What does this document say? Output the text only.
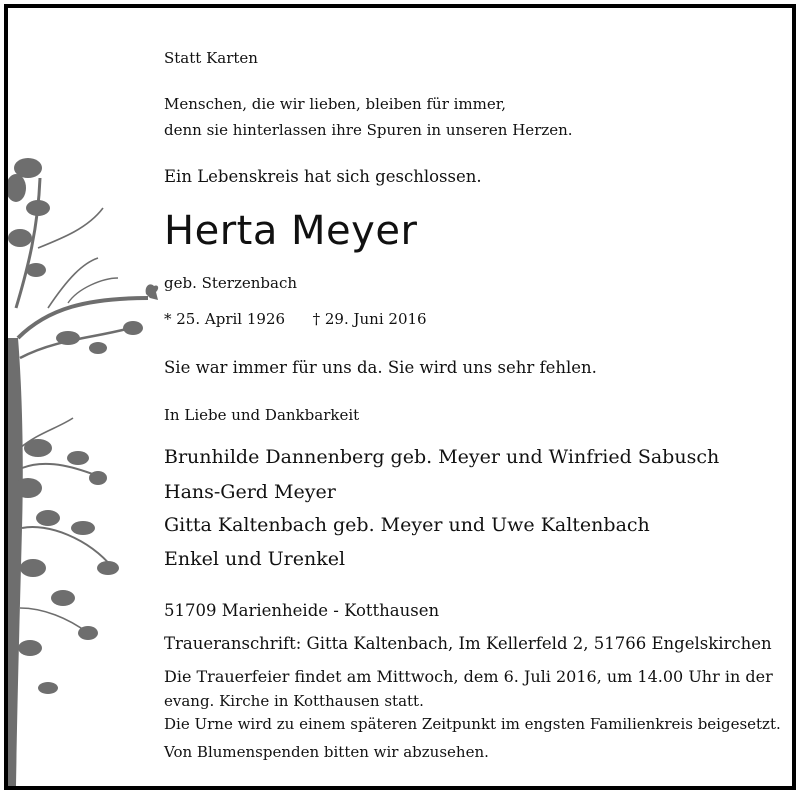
Statt Karten
Menschen, die wir lieben, bleiben für immer,
denn sie hinterlassen ihre Spuren in unseren Herzen.
Ein Lebenskreis hat sich geschlossen.
Herta Meyer
geb. Sterzenbach
* 25. April 1926 † 29. Juni 2016
Sie war immer für uns da. Sie wird uns sehr fehlen.
In Liebe und Dankbarkeit
Brunhilde Dannenberg geb. Meyer und Winfried Sabusch
Hans-Gerd Meyer
Gitta Kaltenbach geb. Meyer und Uwe Kaltenbach
Enkel und Urenkel
51709 Marienheide - Kotthausen
Traueranschrift: Gitta Kaltenbach, Im Kellerfeld 2, 51766 Engelskirchen
Die Trauerfeier findet am Mittwoch, dem 6. Juli 2016, um 14.00 Uhr in der
evang. Kirche in Kotthausen statt.
Die Urne wird zu einem späteren Zeitpunkt im engsten Familienkreis beigesetzt.
Von Blumenspenden bitten wir abzusehen.
